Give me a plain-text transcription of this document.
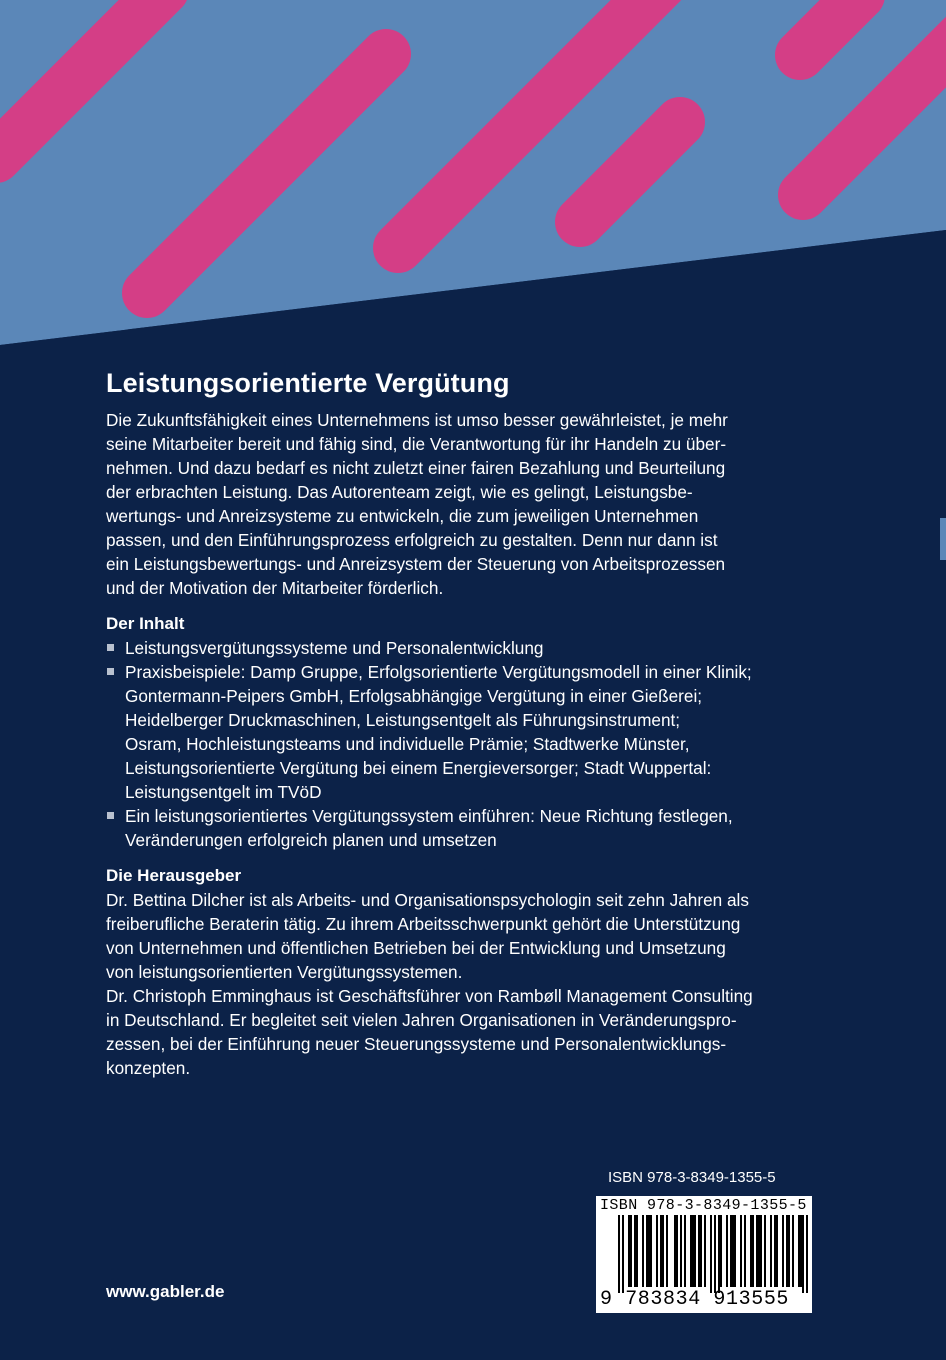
Leistungsorientierte Vergütung

Die Zukunftsfähigkeit eines Unternehmens ist umso besser gewährleistet, je mehr
seine Mitarbeiter bereit und fähig sind, die Verantwortung für ihr Handeln zu über-
nehmen. Und dazu bedarf es nicht zuletzt einer fairen Bezahlung und Beurteilung
der erbrachten Leistung. Das Autorenteam zeigt, wie es gelingt, Leistungsbe-
wertungs- und Anreizsysteme zu entwickeln, die zum jeweiligen Unternehmen
passen, und den Einführungsprozess erfolgreich zu gestalten. Denn nur dann ist
ein Leistungsbewertungs- und Anreizsystem der Steuerung von Arbeitsprozessen
und der Motivation der Mitarbeiter förderlich.

Der Inhalt
Leistungsvergütungssysteme und Personalentwicklung
Praxisbeispiele: Damp Gruppe, Erfolgsorientierte Vergütungsmodell in einer Klinik;
Gontermann-Peipers GmbH, Erfolgsabhängige Vergütung in einer Gießerei;
Heidelberger Druckmaschinen, Leistungsentgelt als Führungsinstrument;
Osram, Hochleistungsteams und individuelle Prämie; Stadtwerke Münster,
Leistungsorientierte Vergütung bei einem Energieversorger; Stadt Wuppertal:
Leistungsentgelt im TVöD
Ein leistungsorientiertes Vergütungssystem einführen: Neue Richtung festlegen,
Veränderungen erfolgreich planen und umsetzen
Die Herausgeber

Dr. Bettina Dilcher ist als Arbeits- und Organisationspsychologin seit zehn Jahren als
freiberufliche Beraterin tätig. Zu ihrem Arbeitsschwerpunkt gehört die Unterstützung
von Unternehmen und öffentlichen Betrieben bei der Entwicklung und Umsetzung
von leistungsorientierten Vergütungssystemen.
Dr. Christoph Emminghaus ist Geschäftsführer von Rambøll Management Consulting
in Deutschland. Er begleitet seit vielen Jahren Organisationen in Veränderungspro-
zessen, bei der Einführung neuer Steuerungssysteme und Personalentwicklungs-
konzepten.

ISBN 978-3-8349-1355-5
ISBN 978-3-8349-1355-5
9 783834 913555
www.gabler.de
